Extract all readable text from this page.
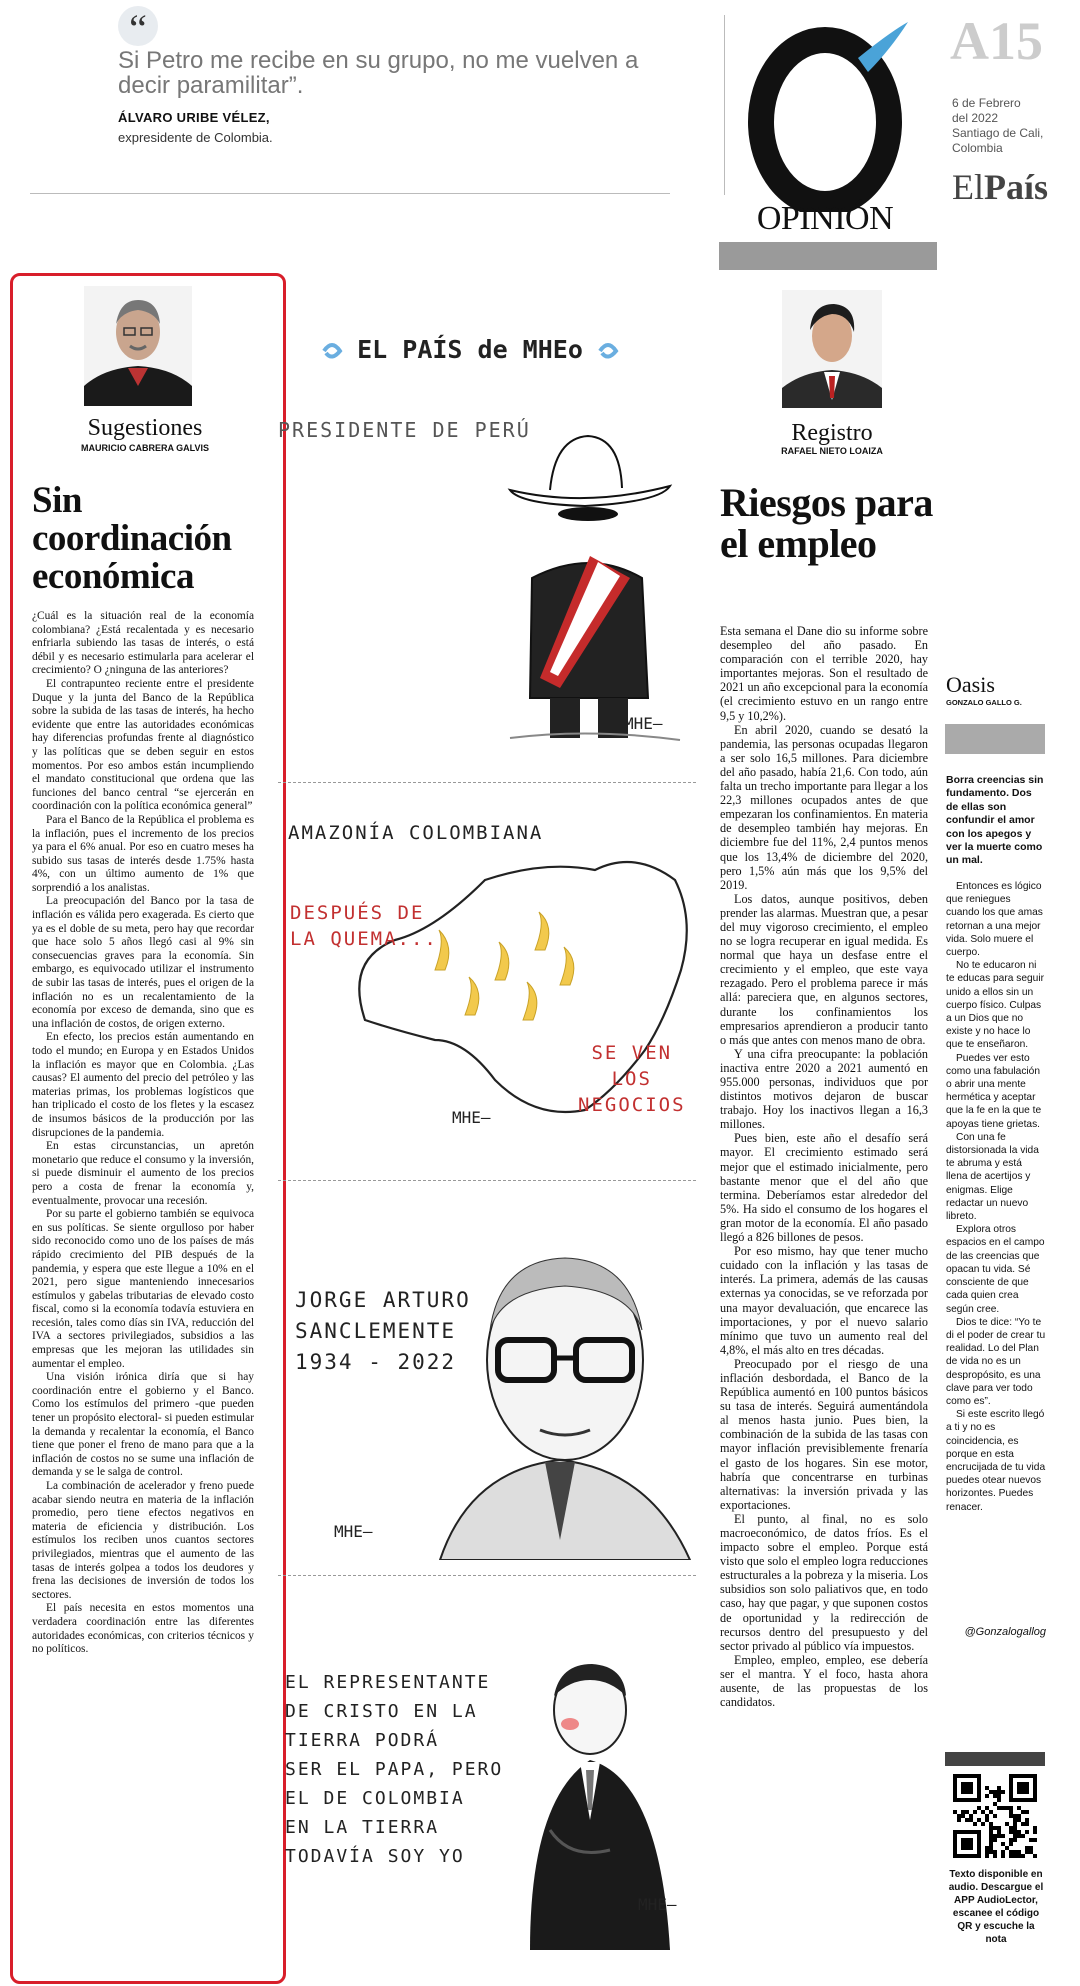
“
Si Petro me recibe en su grupo, no me vuelven a decir paramilitar”.
ÁLVARO URIBE VÉLEZ,
expresidente de Colombia.
OPINIÓN
A15
6 de Febrero
del 2022
Santiago de Cali,
Colombia
ElPaís
Sugestiones
MAURICIO CABRERA GALVIS
Sin coordinación económica

¿Cuál es la situación real de la economía colombiana? ¿Está recalentada y es necesario enfriarla subiendo las tasas de interés, o está débil y es necesario estimularla para acelerar el crecimiento? O ¿ninguna de las anteriores?

El contrapunteo reciente entre el presidente Duque y la junta del Banco de la República sobre la subida de las tasas de interés, ha hecho evidente que entre las autoridades económicas hay diferencias profundas frente al diagnóstico y las políticas que se deben seguir en estos momentos. Por eso ambos están incumpliendo el mandato constitucional que ordena que las funciones del banco central “se ejercerán en coordinación con la política económica general”

Para el Banco de la República el problema es la inflación, pues el incremento de los precios ya para el 6% anual. Por eso en cuatro meses ha subido sus tasas de interés desde 1.75% hasta 4%, con un último aumento de 1% que sorprendió a los analistas.

La preocupación del Banco por la tasa de inflación es válida pero exagerada. Es cierto que ya es el doble de su meta, pero hay que recordar que hace solo 5 años llegó casi al 9% sin consecuencias graves para la economía. Sin embargo, es equivocado utilizar el instrumento de subir las tasas de interés, pues el origen de la inflación no es un recalentamiento de la economía por exceso de demanda, sino que es una inflación de costos, de origen externo.

En efecto, los precios están aumentando en todo el mundo; en Europa y en Estados Unidos la inflación es mayor que en Colombia. ¿Las causas? El aumento del precio del petróleo y las materias primas, los problemas logísticos que han triplicado el costo de los fletes y la escasez de insumos básicos de la producción por las disrupciones de la pandemia.

En estas circunstancias, un apretón monetario que reduce el consumo y la inversión, si puede disminuir el aumento de los precios pero a costa de frenar la economía y, eventualmente, provocar una recesión.

Por su parte el gobierno también se equivoca en sus políticas. Se siente orgulloso por haber sido reconocido como uno de los países de más rápido crecimiento del PIB después de la pandemia, y espera que este llegue a 10% en el 2021, pero sigue manteniendo innecesarios estímulos y gabelas tributarias de elevado costo fiscal, como si la economía todavía estuviera en recesión, tales como días sin IVA, reducción del IVA a sectores privilegiados, subsidios a las empresas que les mejoran las utilidades sin aumentar el empleo.

Una visión irónica diría que si hay coordinación entre el gobierno y el Banco. Como los estímulos del primero -que pueden tener un propósito electoral- si pueden estimular la demanda y recalentar la economía, el Banco tiene que poner el freno de mano para que a la inflación de costos no se sume una inflación de demanda y se le salga de control.

La combinación de acelerador y freno puede acabar siendo neutra en materia de la inflación promedio, pero tiene efectos negativos en materia de eficiencia y distribución. Los estímulos los reciben unos cuantos sectores privilegiados, mientras que el aumento de las tasas de interés golpea a todos los deudores y frena las decisiones de inversión de todos los sectores.

El país necesita en estos momentos una verdadera coordinación entre las diferentes autoridades económicas, con criterios técnicos y no políticos.

EL PAÍS de MHEo
PRESIDENTE DE PERÚ
MHE—
AMAZONÍA COLOMBIANA
DESPUÉS DE
LA QUEMA...
SE VEN
LOS
NEGOCIOS
MHE—
JORGE ARTURO
SANCLEMENTE
1934 - 2022
MHE—
EL REPRESENTANTE
DE CRISTO EN LA
TIERRA PODRÁ
SER EL PAPA, PERO
EL DE COLOMBIA
EN LA TIERRA
TODAVÍA SOY YO
MHE—
Registro
RAFAEL NIETO LOAIZA
Riesgos para el empleo

Esta semana el Dane dio su informe sobre desempleo del año pasado. En comparación con el terrible 2020, hay importantes mejoras. Son el resultado de 2021 un año excepcional para la economía (el crecimiento estuvo en un rango entre 9,5 y 10,2%).

En abril 2020, cuando se desató la pandemia, las personas ocupadas llegaron a ser solo 16,5 millones. Para diciembre del año pasado, había 21,6. Con todo, aún falta un trecho importante para llegar a los 22,3 millones ocupados antes de que empezaran los confinamientos. En materia de desempleo también hay mejoras. En diciembre fue del 11%, 2,4 puntos menos que los 13,4% de diciembre del 2020, pero 1,5% aún más que los 9,5% del 2019.

Los datos, aunque positivos, deben prender las alarmas. Muestran que, a pesar del muy vigoroso crecimiento, el empleo no se logra recuperar en igual medida. Es normal que haya un desfase entre el crecimiento y el empleo, que este vaya rezagado. Pero el problema parece ir más allá: pareciera que, en algunos sectores, durante los confinamientos los empresarios aprendieron a producir tanto o más que antes con menos mano de obra.

Y una cifra preocupante: la población inactiva entre 2020 a 2021 aumentó en 955.000 personas, individuos que por distintos motivos dejaron de buscar trabajo. Hoy los inactivos llegan a 16,3 millones.

Pues bien, este año el desafío será mayor. El crecimiento estimado será mejor que el estimado inicialmente, pero bastante menor que el del año que termina. Deberíamos estar alrededor del 5%. Ha sido el consumo de los hogares el gran motor de la economía. El año pasado llegó a 826 billones de pesos.

Por eso mismo, hay que tener mucho cuidado con la inflación y las tasas de interés. La primera, además de las causas externas ya conocidas, se ve reforzada por una mayor devaluación, que encarece las importaciones, y por el nuevo salario mínimo que tuvo un aumento real del 4,8%, el más alto en tres décadas.

Preocupado por el riesgo de una inflación desbordada, el Banco de la República aumentó en 100 puntos básicos su tasa de interés. Seguirá aumentándola al menos hasta junio. Pues bien, la combinación de la subida de las tasas con mayor inflación previsiblemente frenaría el gasto de los hogares. Sin ese motor, habría que concentrarse en turbinas alternativas: la inversión privada y las exportaciones.

El punto, al final, no es solo macroeconómico, de datos fríos. Es el impacto sobre el empleo. Porque está visto que solo el empleo logra reducciones estructurales a la pobreza y la miseria. Los subsidios son solo paliativos que, en todo caso, hay que pagar, y que suponen costos de oportunidad y la redirección de recursos dentro del presupuesto y del sector privado al público vía impuestos.

Empleo, empleo, empleo, ese debería ser el mantra. Y el foco, hasta ahora ausente, de las propuestas de los candidatos.

Oasis
GONZALO GALLO G.
Borra creencias sin fundamento. Dos de ellas son confundir el amor con los apegos y ver la muerte como un mal.

Entonces es lógico que reniegues cuando los que amas retornan a una mejor vida. Solo muere el cuerpo.

No te educaron ni te educas para seguir unido a ellos sin un cuerpo físico. Culpas a un Dios que no existe y no hace lo que te enseñaron.

Puedes ver esto como una fabulación o abrir una mente hermética y aceptar que la fe en la que te apoyas tiene grietas.

Con una fe distorsionada la vida te abruma y está llena de acertijos y enigmas. Elige redactar un nuevo libreto.

Explora otros espacios en el campo de las creencias que opacan tu vida. Sé consciente de que cada quien crea según cree.

Dios te dice: “Yo te di el poder de crear tu realidad. Lo del Plan de vida no es un despropósito, es una clave para ver todo como es”.

Si este escrito llegó a ti y no es coincidencia, es porque en esta encrucijada de tu vida puedes otear nuevos horizontes. Puedes renacer.

@Gonzalogallog
Texto disponible en audio. Descargue el APP AudioLector, escanee el código QR y escuche la nota
